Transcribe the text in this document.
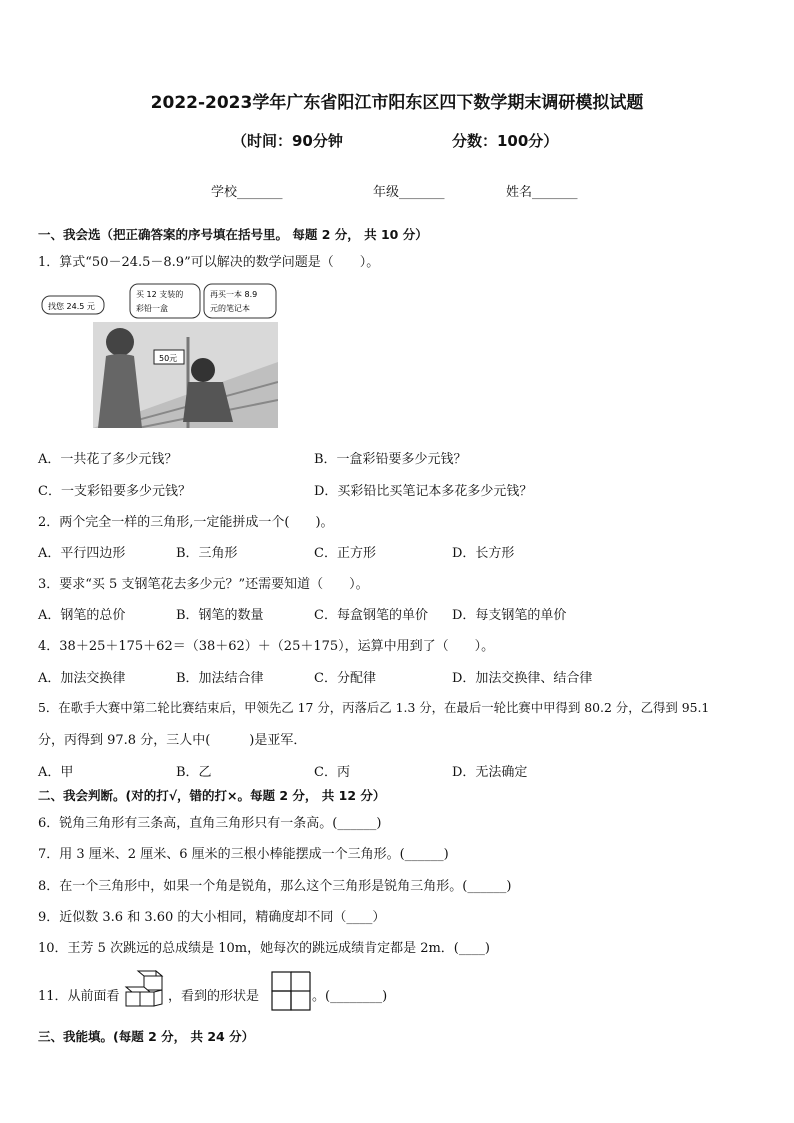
2022-2023学年广东省阳江市阳东区四下数学期末调研模拟试题
（时间：90分钟	分数：100分）
学校_______	年级_______	姓名_______
一、我会选（把正确答案的序号填在括号里。 每题 2 分， 共 10 分）
1．算式“50－24.5－8.9”可以解决的数学问题是（　　）。
50元
找您 24.5 元
买 12 支装的
彩铅一盒
再买一本 8.9
元的笔记本
A．一共花了多少元钱？	B．一盒彩铅要多少元钱？
C．一支彩铅要多少元钱？	D．买彩铅比买笔记本多花多少元钱？
2．两个完全一样的三角形,一定能拼成一个(　　)。
A．平行四边形	B．三角形	C．正方形	D．长方形
3．要求“买 5 支钢笔花去多少元？”还需要知道（　　）。
A．钢笔的总价	B．钢笔的数量	C．每盒钢笔的单价 D．每支钢笔的单价
4．38＋25＋175＋62＝（38＋62）＋（25＋175），运算中用到了（　　）。
A．加法交换律	B．加法结合律	C．分配律	D．加法交换律、结合律
5．在歌手大赛中第二轮比赛结束后，甲领先乙 17 分，丙落后乙 1.3 分，在最后一轮比赛中甲得到 80.2 分，乙得到 95.1
分，丙得到 97.8 分，三人中(　　　)是亚军．
A．甲	B．乙	C．丙	D．无法确定
二、我会判断。(对的打√，错的打×。每题 2 分， 共 12 分）
6．锐角三角形有三条高，直角三角形只有一条高。(______)
7．用 3 厘米、2 厘米、6 厘米的三根小棒能摆成一个三角形。(______)
8．在一个三角形中，如果一个角是锐角，那么这个三角形是锐角三角形。(______)
9．近似数 3.6 和 3.60 的大小相同，精确度却不同（____）
10．王芳 5 次跳远的总成绩是 10m，她每次的跳远成绩肯定都是 2m．(____)
11．从前面看	，看到的形状是	。(________)
三、我能填。(每题 2 分， 共 24 分）
